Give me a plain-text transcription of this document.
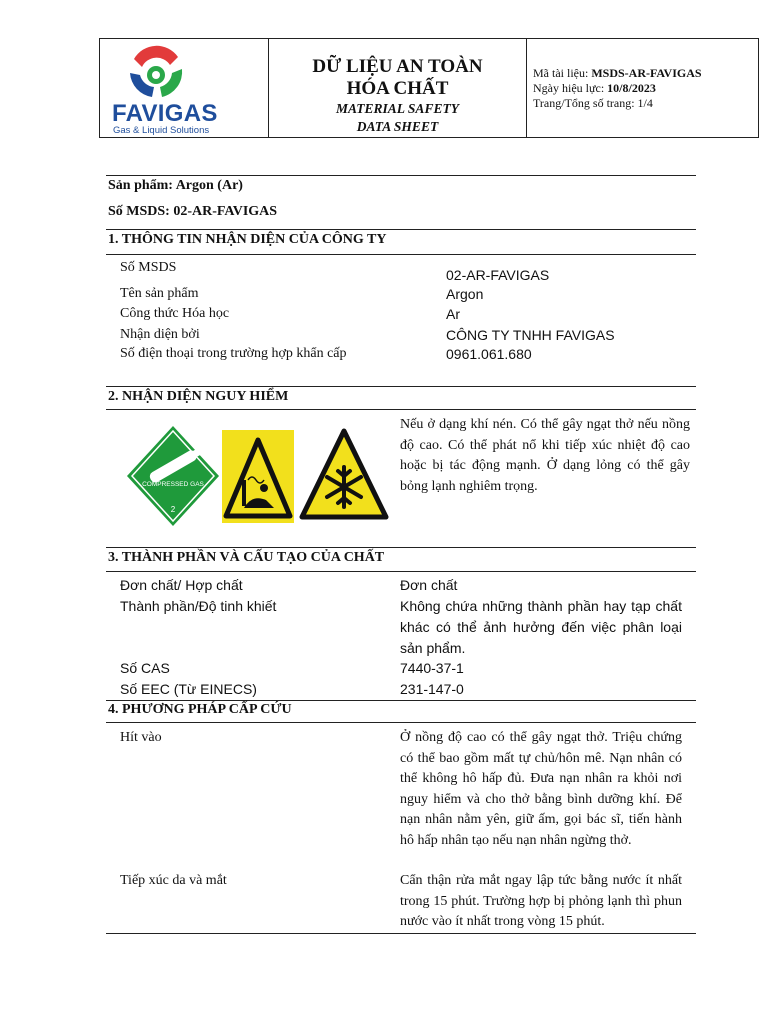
FAVIGAS
Gas & Liquid Solutions
DỮ LIỆU AN TOÀN
HÓA CHẤT
MATERIAL SAFETY
DATA SHEET
Mã tài liệu: MSDS-AR-FAVIGAS
Ngày hiệu lực: 10/8/2023
Trang/Tổng số trang: 1/4
Sản phẩm: Argon (Ar)
Số MSDS: 02-AR-FAVIGAS
1. THÔNG TIN NHẬN DIỆN CỦA CÔNG TY
Số MSDS	02-AR-FAVIGAS
Tên sản phẩm	Argon
Công thức Hóa học	Ar
Nhận diện bởi	CÔNG TY TNHH FAVIGAS
Số điện thoại trong trường hợp khẩn cấp	0961.061.680
2. NHẬN DIỆN NGUY HIỂM
COMPRESSED GAS
2
Nếu ở dạng khí nén. Có thể gây ngạt thở nếu nồng độ cao. Có thể phát nổ khi tiếp xúc nhiệt độ cao hoặc bị tác động mạnh. Ở dạng lỏng có thể gây bỏng lạnh nghiêm trọng.
3. THÀNH PHẦN VÀ CẤU TẠO CỦA CHẤT
Đơn chất/ Hợp chất	Đơn chất
Thành phần/Độ tinh khiết	Không chứa những thành phần hay tạp chất khác có thể ảnh hưởng đến việc phân loại sản phẩm.
Số CAS	7440-37-1
Số EEC (Từ EINECS)	231-147-0
4. PHƯƠNG PHÁP CẤP CỨU
Hít vào	Ở nồng độ cao có thể gây ngạt thở. Triệu chứng có thể bao gồm mất tự chủ/hôn mê. Nạn nhân có thể không hô hấp đủ. Đưa nạn nhân ra khỏi nơi nguy hiểm và cho thở bằng bình dưỡng khí. Để nạn nhân nằm yên, giữ ấm, gọi bác sĩ, tiến hành hô hấp nhân tạo nếu nạn nhân ngừng thở.
Tiếp xúc da và mắt	Cẩn thận rửa mắt ngay lập tức bằng nước ít nhất trong 15 phút. Trường hợp bị phỏng lạnh thì phun nước vào ít nhất trong vòng 15 phút.
